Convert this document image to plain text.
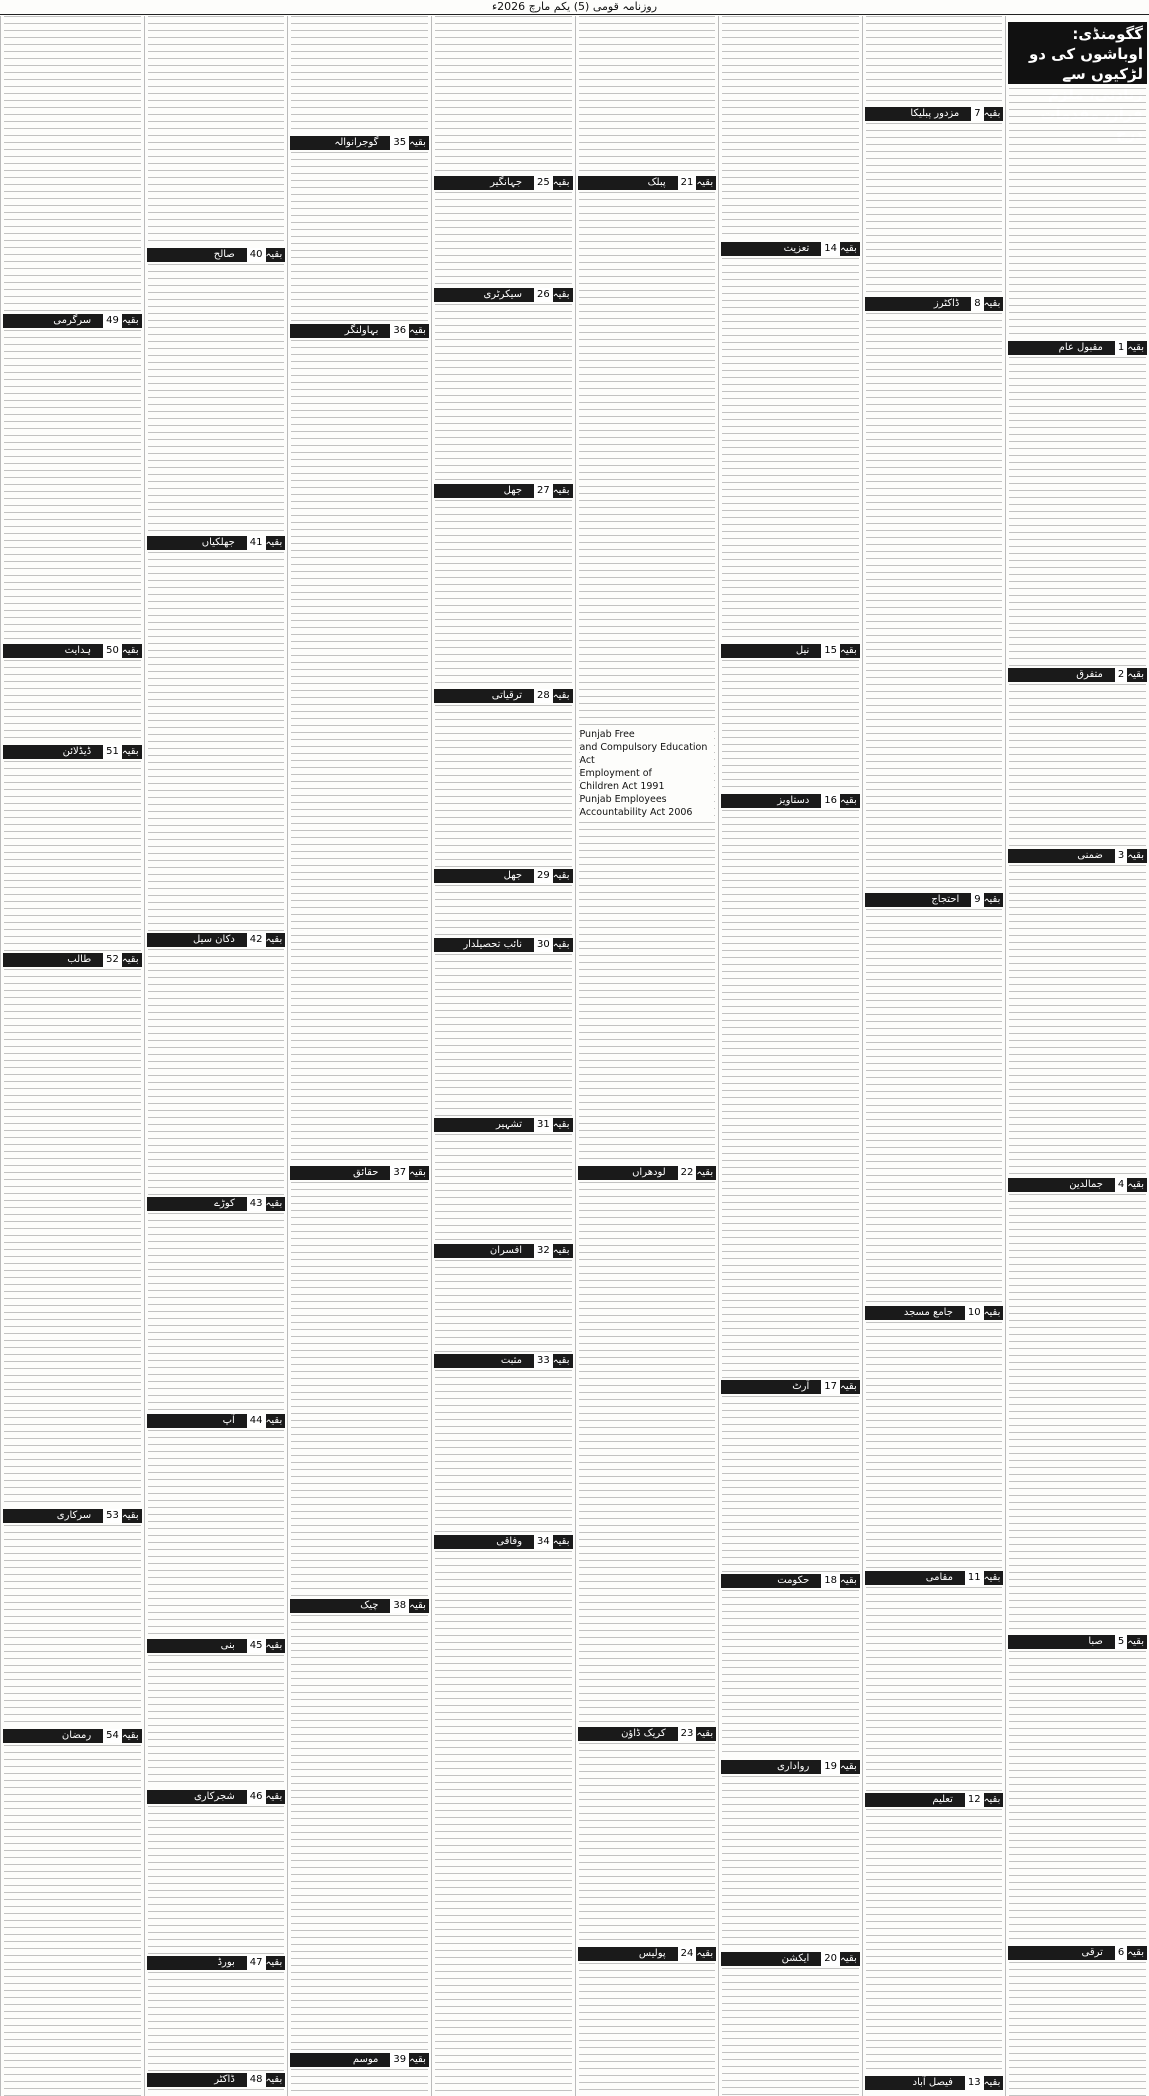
روزنامہ قومی (5) یکم مارچ 2026ء
گگومنڈی: اوباشوں کی دو لڑکیوں سے زیادتی، ملزم فرار، مقدمات درج
بقیہ1مقبول عام
بقیہ2متفرق
بقیہ3ضمنی
بقیہ4جمالدین
بقیہ5صبا
بقیہ6ترقی
بقیہ7مزدور پبلیکا
بقیہ8ڈاکٹرز
بقیہ9احتجاج
بقیہ10جامع مسجد
بقیہ11مقامی
بقیہ12تعلیم
بقیہ13فیصل آباد
بقیہ14تعزیت
بقیہ15نیل
بقیہ16دستاویز
بقیہ17آرٹ
بقیہ18حکومت
بقیہ19رواداری
بقیہ20ایکشن
بقیہ21پبلک
بقیہ22لودھراں
بقیہ23کریک ڈاؤن
بقیہ24پولیس
Punjab Free
and Compulsory Education Act
Employment of
Children Act 1991
Punjab Employees
Accountability Act 2006
بقیہ25جہانگیر
بقیہ26سیکرٹری
بقیہ27جھل
بقیہ28ترقیاتی
بقیہ29جھل
بقیہ30نائب تحصیلدار
بقیہ31تشہیر
بقیہ32افسران
بقیہ33مثبت
بقیہ34وفاقی
بقیہ35گوجرانوالہ
بقیہ36بہاولنگر
بقیہ37حقائق
بقیہ38چیک
بقیہ39موسم
بقیہ40صالح
بقیہ41جھلکیاں
بقیہ42دکان سیل
بقیہ43کوڑے
بقیہ44آپ
بقیہ45بنی
بقیہ46شجرکاری
بقیہ47بورڈ
بقیہ48ڈاکٹر
بقیہ49سرگرمی
بقیہ50ہدایت
بقیہ51ڈیڈلائن
بقیہ52طالب
بقیہ53سرکاری
بقیہ54رمضان
